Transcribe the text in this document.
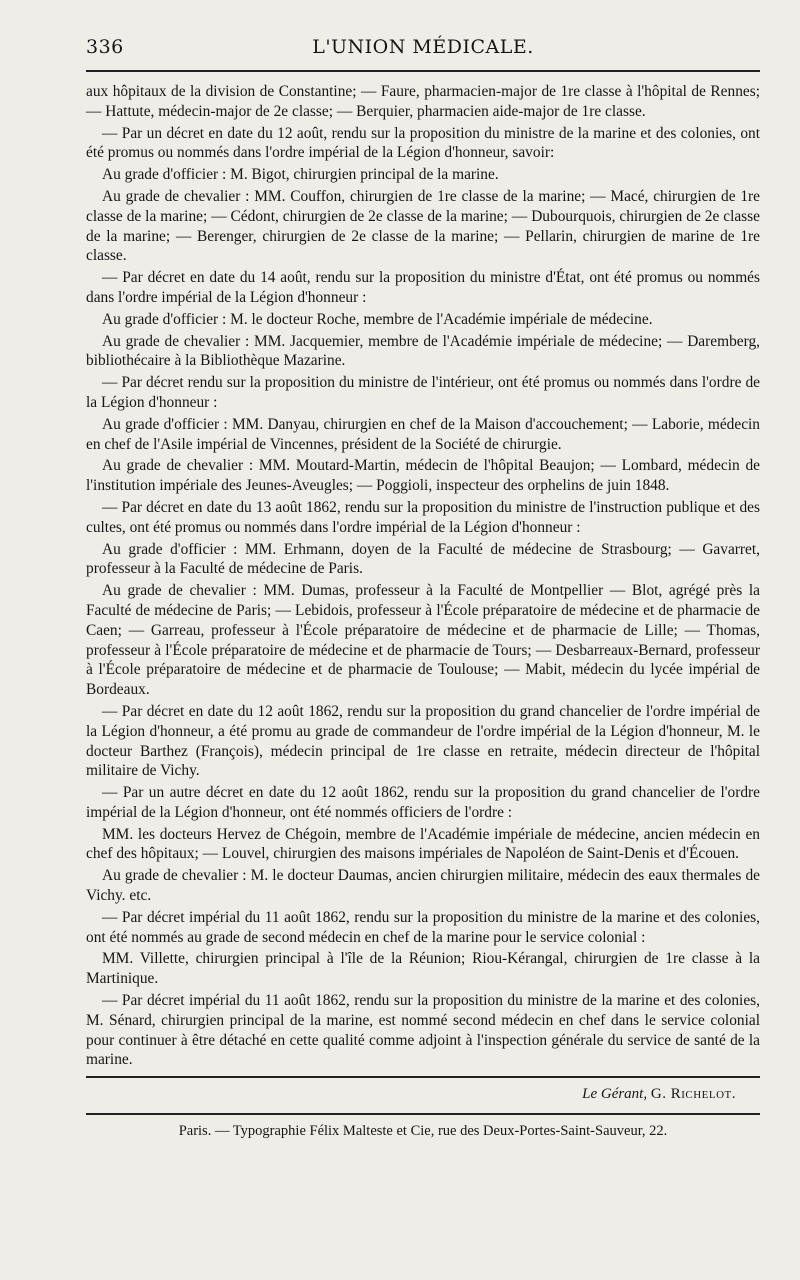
336	L'UNION MÉDICALE.

aux hôpitaux de la division de Constantine; — Faure, pharmacien-major de 1re classe à l'hôpital de Rennes; — Hattute, médecin-major de 2e classe; — Berquier, pharmacien aide-major de 1re classe.

— Par un décret en date du 12 août, rendu sur la proposition du ministre de la marine et des colonies, ont été promus ou nommés dans l'ordre impérial de la Légion d'honneur, savoir:

Au grade d'officier : M. Bigot, chirurgien principal de la marine.

Au grade de chevalier : MM. Couffon, chirurgien de 1re classe de la marine; — Macé, chirurgien de 1re classe de la marine; — Cédont, chirurgien de 2e classe de la marine; — Dubourquois, chirurgien de 2e classe de la marine; — Berenger, chirurgien de 2e classe de la marine; — Pellarin, chirurgien de marine de 1re classe.

— Par décret en date du 14 août, rendu sur la proposition du ministre d'État, ont été promus ou nommés dans l'ordre impérial de la Légion d'honneur :

Au grade d'officier : M. le docteur Roche, membre de l'Académie impériale de médecine.

Au grade de chevalier : MM. Jacquemier, membre de l'Académie impériale de médecine; — Daremberg, bibliothécaire à la Bibliothèque Mazarine.

— Par décret rendu sur la proposition du ministre de l'intérieur, ont été promus ou nommés dans l'ordre de la Légion d'honneur :

Au grade d'officier : MM. Danyau, chirurgien en chef de la Maison d'accouchement; — Laborie, médecin en chef de l'Asile impérial de Vincennes, président de la Société de chirurgie.

Au grade de chevalier : MM. Moutard-Martin, médecin de l'hôpital Beaujon; — Lombard, médecin de l'institution impériale des Jeunes-Aveugles; — Poggioli, inspecteur des orphelins de juin 1848.

— Par décret en date du 13 août 1862, rendu sur la proposition du ministre de l'instruction publique et des cultes, ont été promus ou nommés dans l'ordre impérial de la Légion d'honneur :

Au grade d'officier : MM. Erhmann, doyen de la Faculté de médecine de Strasbourg; — Gavarret, professeur à la Faculté de médecine de Paris.

Au grade de chevalier : MM. Dumas, professeur à la Faculté de Montpellier — Blot, agrégé près la Faculté de médecine de Paris; — Lebidois, professeur à l'École préparatoire de médecine et de pharmacie de Caen; — Garreau, professeur à l'École préparatoire de médecine et de pharmacie de Lille; — Thomas, professeur à l'École préparatoire de médecine et de pharmacie de Tours; — Desbarreaux-Bernard, professeur à l'École préparatoire de médecine et de pharmacie de Toulouse; — Mabit, médecin du lycée impérial de Bordeaux.

— Par décret en date du 12 août 1862, rendu sur la proposition du grand chancelier de l'ordre impérial de la Légion d'honneur, a été promu au grade de commandeur de l'ordre impérial de la Légion d'honneur, M. le docteur Barthez (François), médecin principal de 1re classe en retraite, médecin directeur de l'hôpital militaire de Vichy.

— Par un autre décret en date du 12 août 1862, rendu sur la proposition du grand chancelier de l'ordre impérial de la Légion d'honneur, ont été nommés officiers de l'ordre :

MM. les docteurs Hervez de Chégoin, membre de l'Académie impériale de médecine, ancien médecin en chef des hôpitaux; — Louvel, chirurgien des maisons impériales de Napoléon de Saint-Denis et d'Écouen.

Au grade de chevalier : M. le docteur Daumas, ancien chirurgien militaire, médecin des eaux thermales de Vichy. etc.

— Par décret impérial du 11 août 1862, rendu sur la proposition du ministre de la marine et des colonies, ont été nommés au grade de second médecin en chef de la marine pour le service colonial :

MM. Villette, chirurgien principal à l'île de la Réunion; Riou-Kérangal, chirurgien de 1re classe à la Martinique.

— Par décret impérial du 11 août 1862, rendu sur la proposition du ministre de la marine et des colonies, M. Sénard, chirurgien principal de la marine, est nommé second médecin en chef dans le service colonial pour continuer à être détaché en cette qualité comme adjoint à l'inspection générale du service de santé de la marine.

Le Gérant, G. Richelot.
Paris. — Typographie Félix Malteste et Cie, rue des Deux-Portes-Saint-Sauveur, 22.
